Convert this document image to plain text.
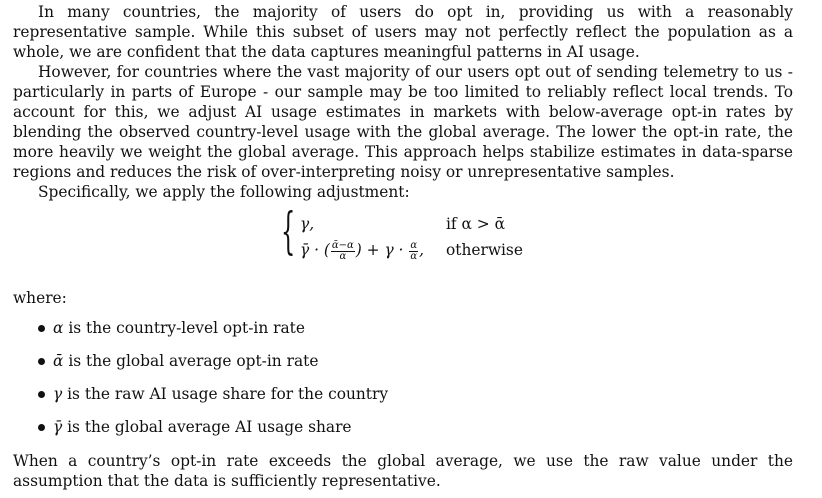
In many countries, the majority of users do opt in, providing us with a reasonably representative sample. While this subset of users may not perfectly reflect the population as a whole, we are confident that the data captures meaningful patterns in AI usage.

However, for countries where the vast majority of our users opt out of sending telemetry to us - particularly in parts of Europe - our sample may be too limited to reliably reflect local trends. To account for this, we adjust AI usage estimates in markets with below-average opt-in rates by blending the observed country-level usage with the global average. The lower the opt-in rate, the more heavily we weight the global average. This approach helps stabilize estimates in data-sparse regions and reduces the risk of over-interpreting noisy or unrepresentative samples.

Specifically, we apply the following adjustment:

{ γ,	if α > ᾱ
γ̄ · ( $\frac{\text{ᾱ−α}}{\text{ᾱ}}$ ) + $\gamma \cdot \frac{\alpha}{\text{ᾱ}}$ , otherwise

where:

α is the country-level opt-in rate
ᾱ is the global average opt-in rate
γ is the raw AI usage share for the country
γ̄ is the global average AI usage share

When a country’s opt-in rate exceeds the global average, we use the raw value under the assumption that the data is sufficiently representative.
